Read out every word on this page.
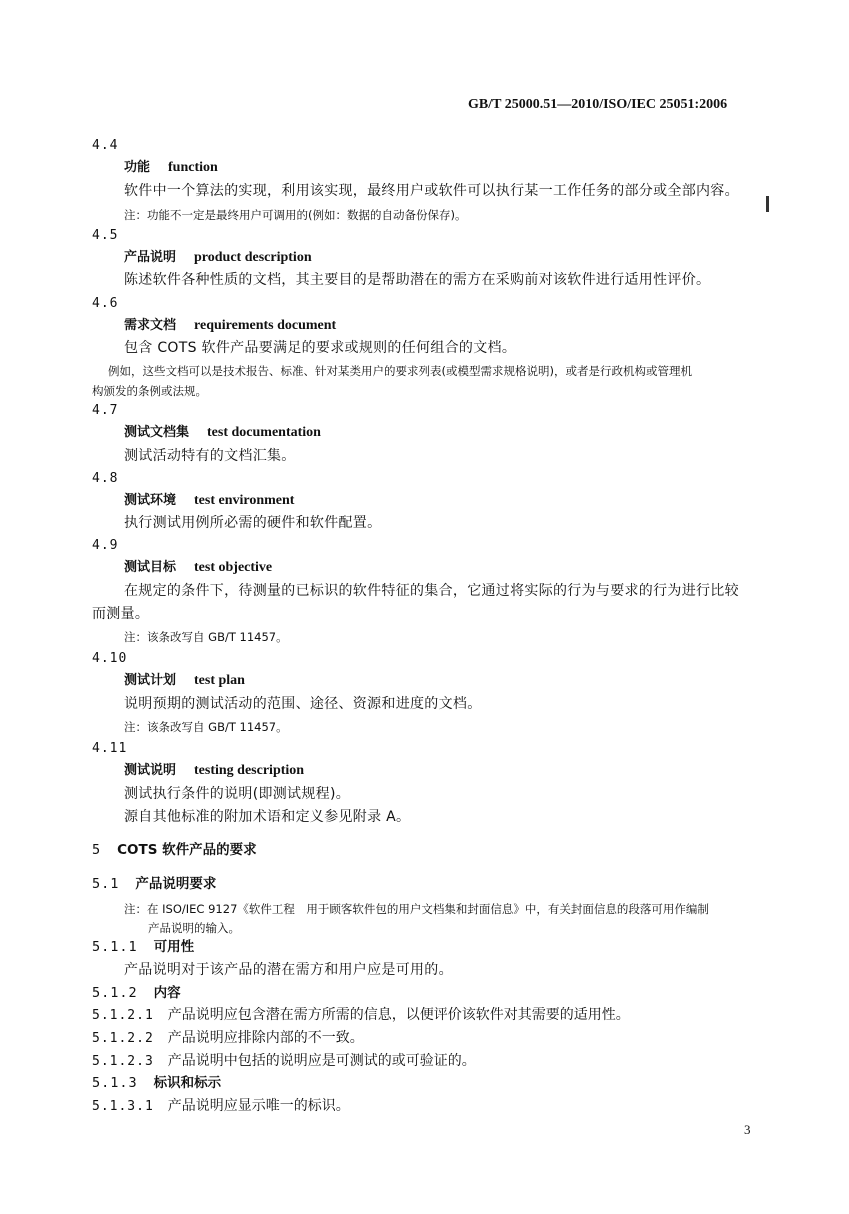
GB/T 25000.51—2010/ISO/IEC 25051:2006
4.4
功能 function
软件中一个算法的实现，利用该实现，最终用户或软件可以执行某一工作任务的部分或全部内容。
注：功能不一定是最终用户可调用的(例如：数据的自动备份保存)。
4.5
产品说明 product description
陈述软件各种性质的文档，其主要目的是帮助潜在的需方在采购前对该软件进行适用性评价。
4.6
需求文档 requirements document
包含 COTS 软件产品要满足的要求或规则的任何组合的文档。
例如，这些文档可以是技术报告、标准、针对某类用户的要求列表(或模型需求规格说明)，或者是行政机构或管理机
构颁发的条例或法规。
4.7
测试文档集 test documentation
测试活动特有的文档汇集。
4.8
测试环境 test environment
执行测试用例所必需的硬件和软件配置。
4.9
测试目标 test objective
在规定的条件下，待测量的已标识的软件特征的集合，它通过将实际的行为与要求的行为进行比较
而测量。
注：该条改写自 GB/T 11457。
4.10
测试计划 test plan
说明预期的测试活动的范围、途径、资源和进度的文档。
注：该条改写自 GB/T 11457。
4.11
测试说明 testing description
测试执行条件的说明(即测试规程)。
源自其他标准的附加术语和定义参见附录 A。
5 COTS 软件产品的要求
5.1 产品说明要求
注：在 ISO/IEC 9127《软件工程　用于顾客软件包的用户文档集和封面信息》中，有关封面信息的段落可用作编制
产品说明的输入。
5.1.1 可用性
产品说明对于该产品的潜在需方和用户应是可用的。
5.1.2 内容
5.1.2.1 产品说明应包含潜在需方所需的信息，以便评价该软件对其需要的适用性。
5.1.2.2 产品说明应排除内部的不一致。
5.1.2.3 产品说明中包括的说明应是可测试的或可验证的。
5.1.3 标识和标示
5.1.3.1 产品说明应显示唯一的标识。
3
